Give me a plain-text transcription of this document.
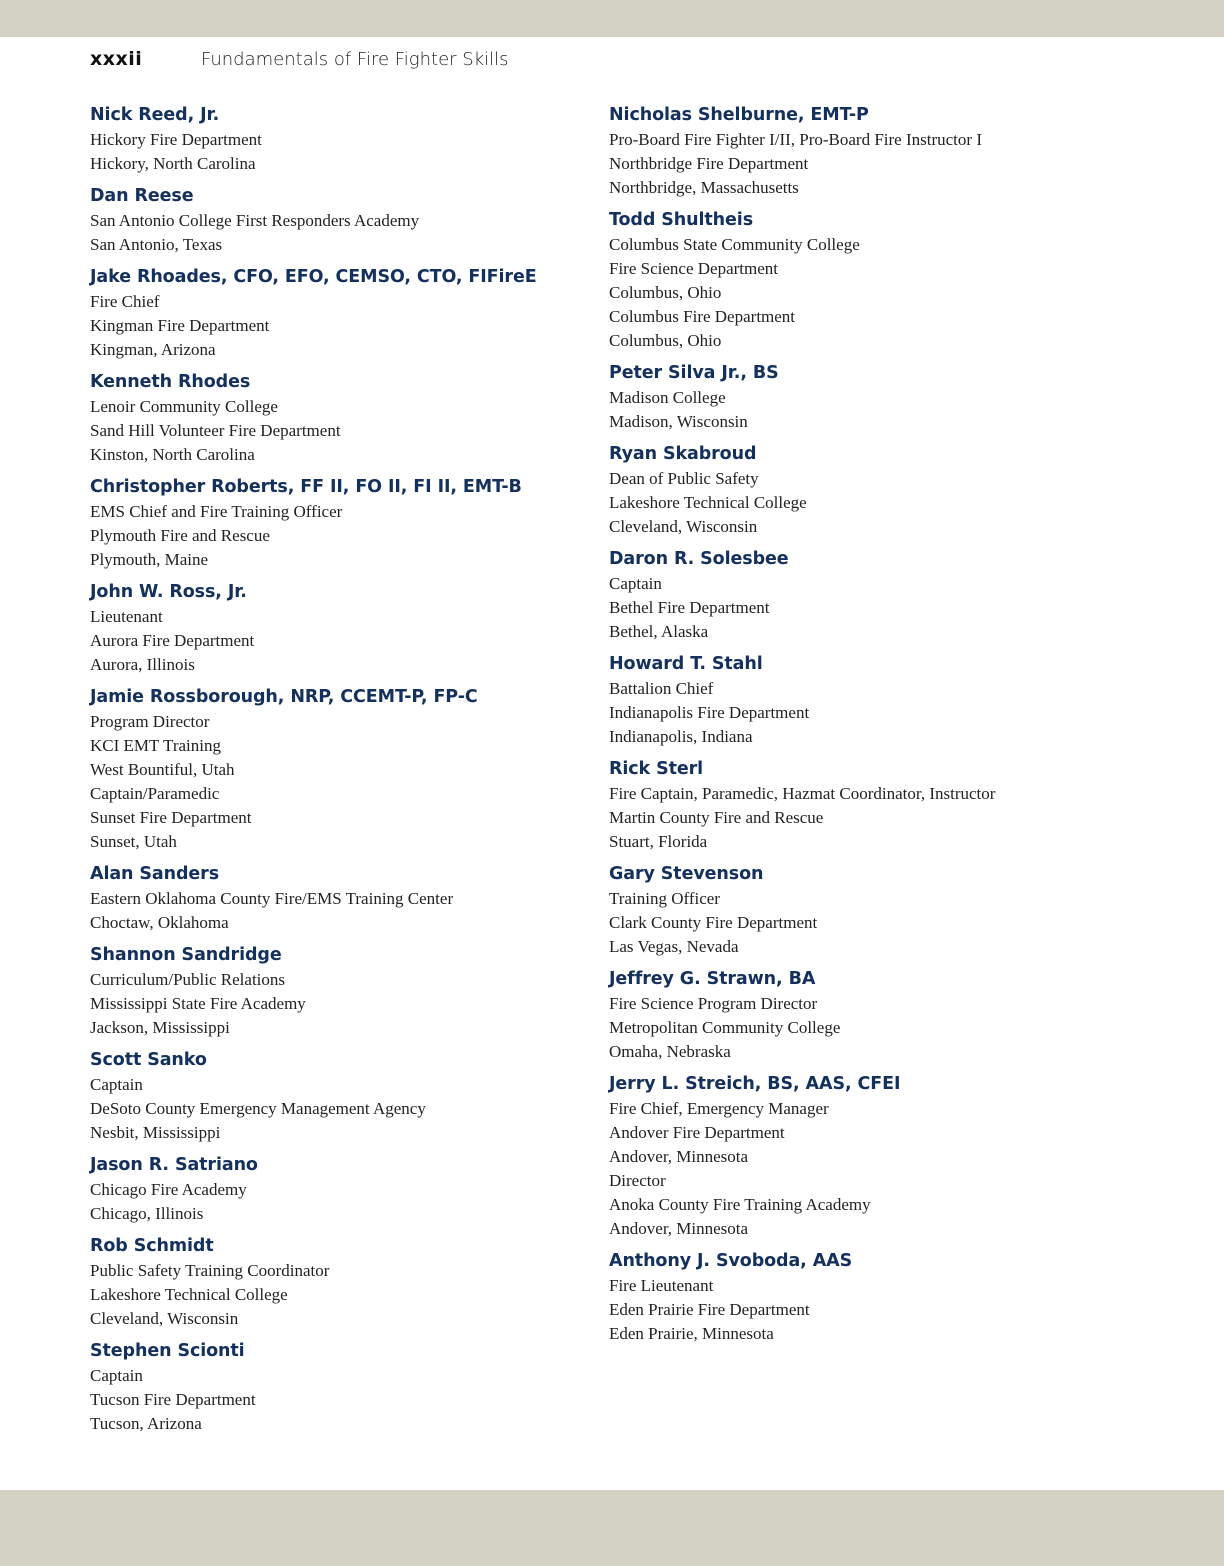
xxxii	Fundamentals of Fire Fighter Skills
Nick Reed, Jr.
Hickory Fire Department
Hickory, North Carolina
Dan Reese
San Antonio College First Responders Academy
San Antonio, Texas
Jake Rhoades, CFO, EFO, CEMSO, CTO, FIFireE
Fire Chief
Kingman Fire Department
Kingman, Arizona
Kenneth Rhodes
Lenoir Community College
Sand Hill Volunteer Fire Department
Kinston, North Carolina
Christopher Roberts, FF II, FO II, FI II, EMT-B
EMS Chief and Fire Training Officer
Plymouth Fire and Rescue
Plymouth, Maine
John W. Ross, Jr.
Lieutenant
Aurora Fire Department
Aurora, Illinois
Jamie Rossborough, NRP, CCEMT-P, FP-C
Program Director
KCI EMT Training
West Bountiful, Utah
Captain/Paramedic
Sunset Fire Department
Sunset, Utah
Alan Sanders
Eastern Oklahoma County Fire/EMS Training Center
Choctaw, Oklahoma
Shannon Sandridge
Curriculum/Public Relations
Mississippi State Fire Academy
Jackson, Mississippi
Scott Sanko
Captain
DeSoto County Emergency Management Agency
Nesbit, Mississippi
Jason R. Satriano
Chicago Fire Academy
Chicago, Illinois
Rob Schmidt
Public Safety Training Coordinator
Lakeshore Technical College
Cleveland, Wisconsin
Stephen Scionti
Captain
Tucson Fire Department
Tucson, Arizona
Nicholas Shelburne, EMT-P
Pro-Board Fire Fighter I/II, Pro-Board Fire Instructor I
Northbridge Fire Department
Northbridge, Massachusetts
Todd Shultheis
Columbus State Community College
Fire Science Department
Columbus, Ohio
Columbus Fire Department
Columbus, Ohio
Peter Silva Jr., BS
Madison College
Madison, Wisconsin
Ryan Skabroud
Dean of Public Safety
Lakeshore Technical College
Cleveland, Wisconsin
Daron R. Solesbee
Captain
Bethel Fire Department
Bethel, Alaska
Howard T. Stahl
Battalion Chief
Indianapolis Fire Department
Indianapolis, Indiana
Rick Sterl
Fire Captain, Paramedic, Hazmat Coordinator, Instructor
Martin County Fire and Rescue
Stuart, Florida
Gary Stevenson
Training Officer
Clark County Fire Department
Las Vegas, Nevada
Jeffrey G. Strawn, BA
Fire Science Program Director
Metropolitan Community College
Omaha, Nebraska
Jerry L. Streich, BS, AAS, CFEI
Fire Chief, Emergency Manager
Andover Fire Department
Andover, Minnesota
Director
Anoka County Fire Training Academy
Andover, Minnesota
Anthony J. Svoboda, AAS
Fire Lieutenant
Eden Prairie Fire Department
Eden Prairie, Minnesota
